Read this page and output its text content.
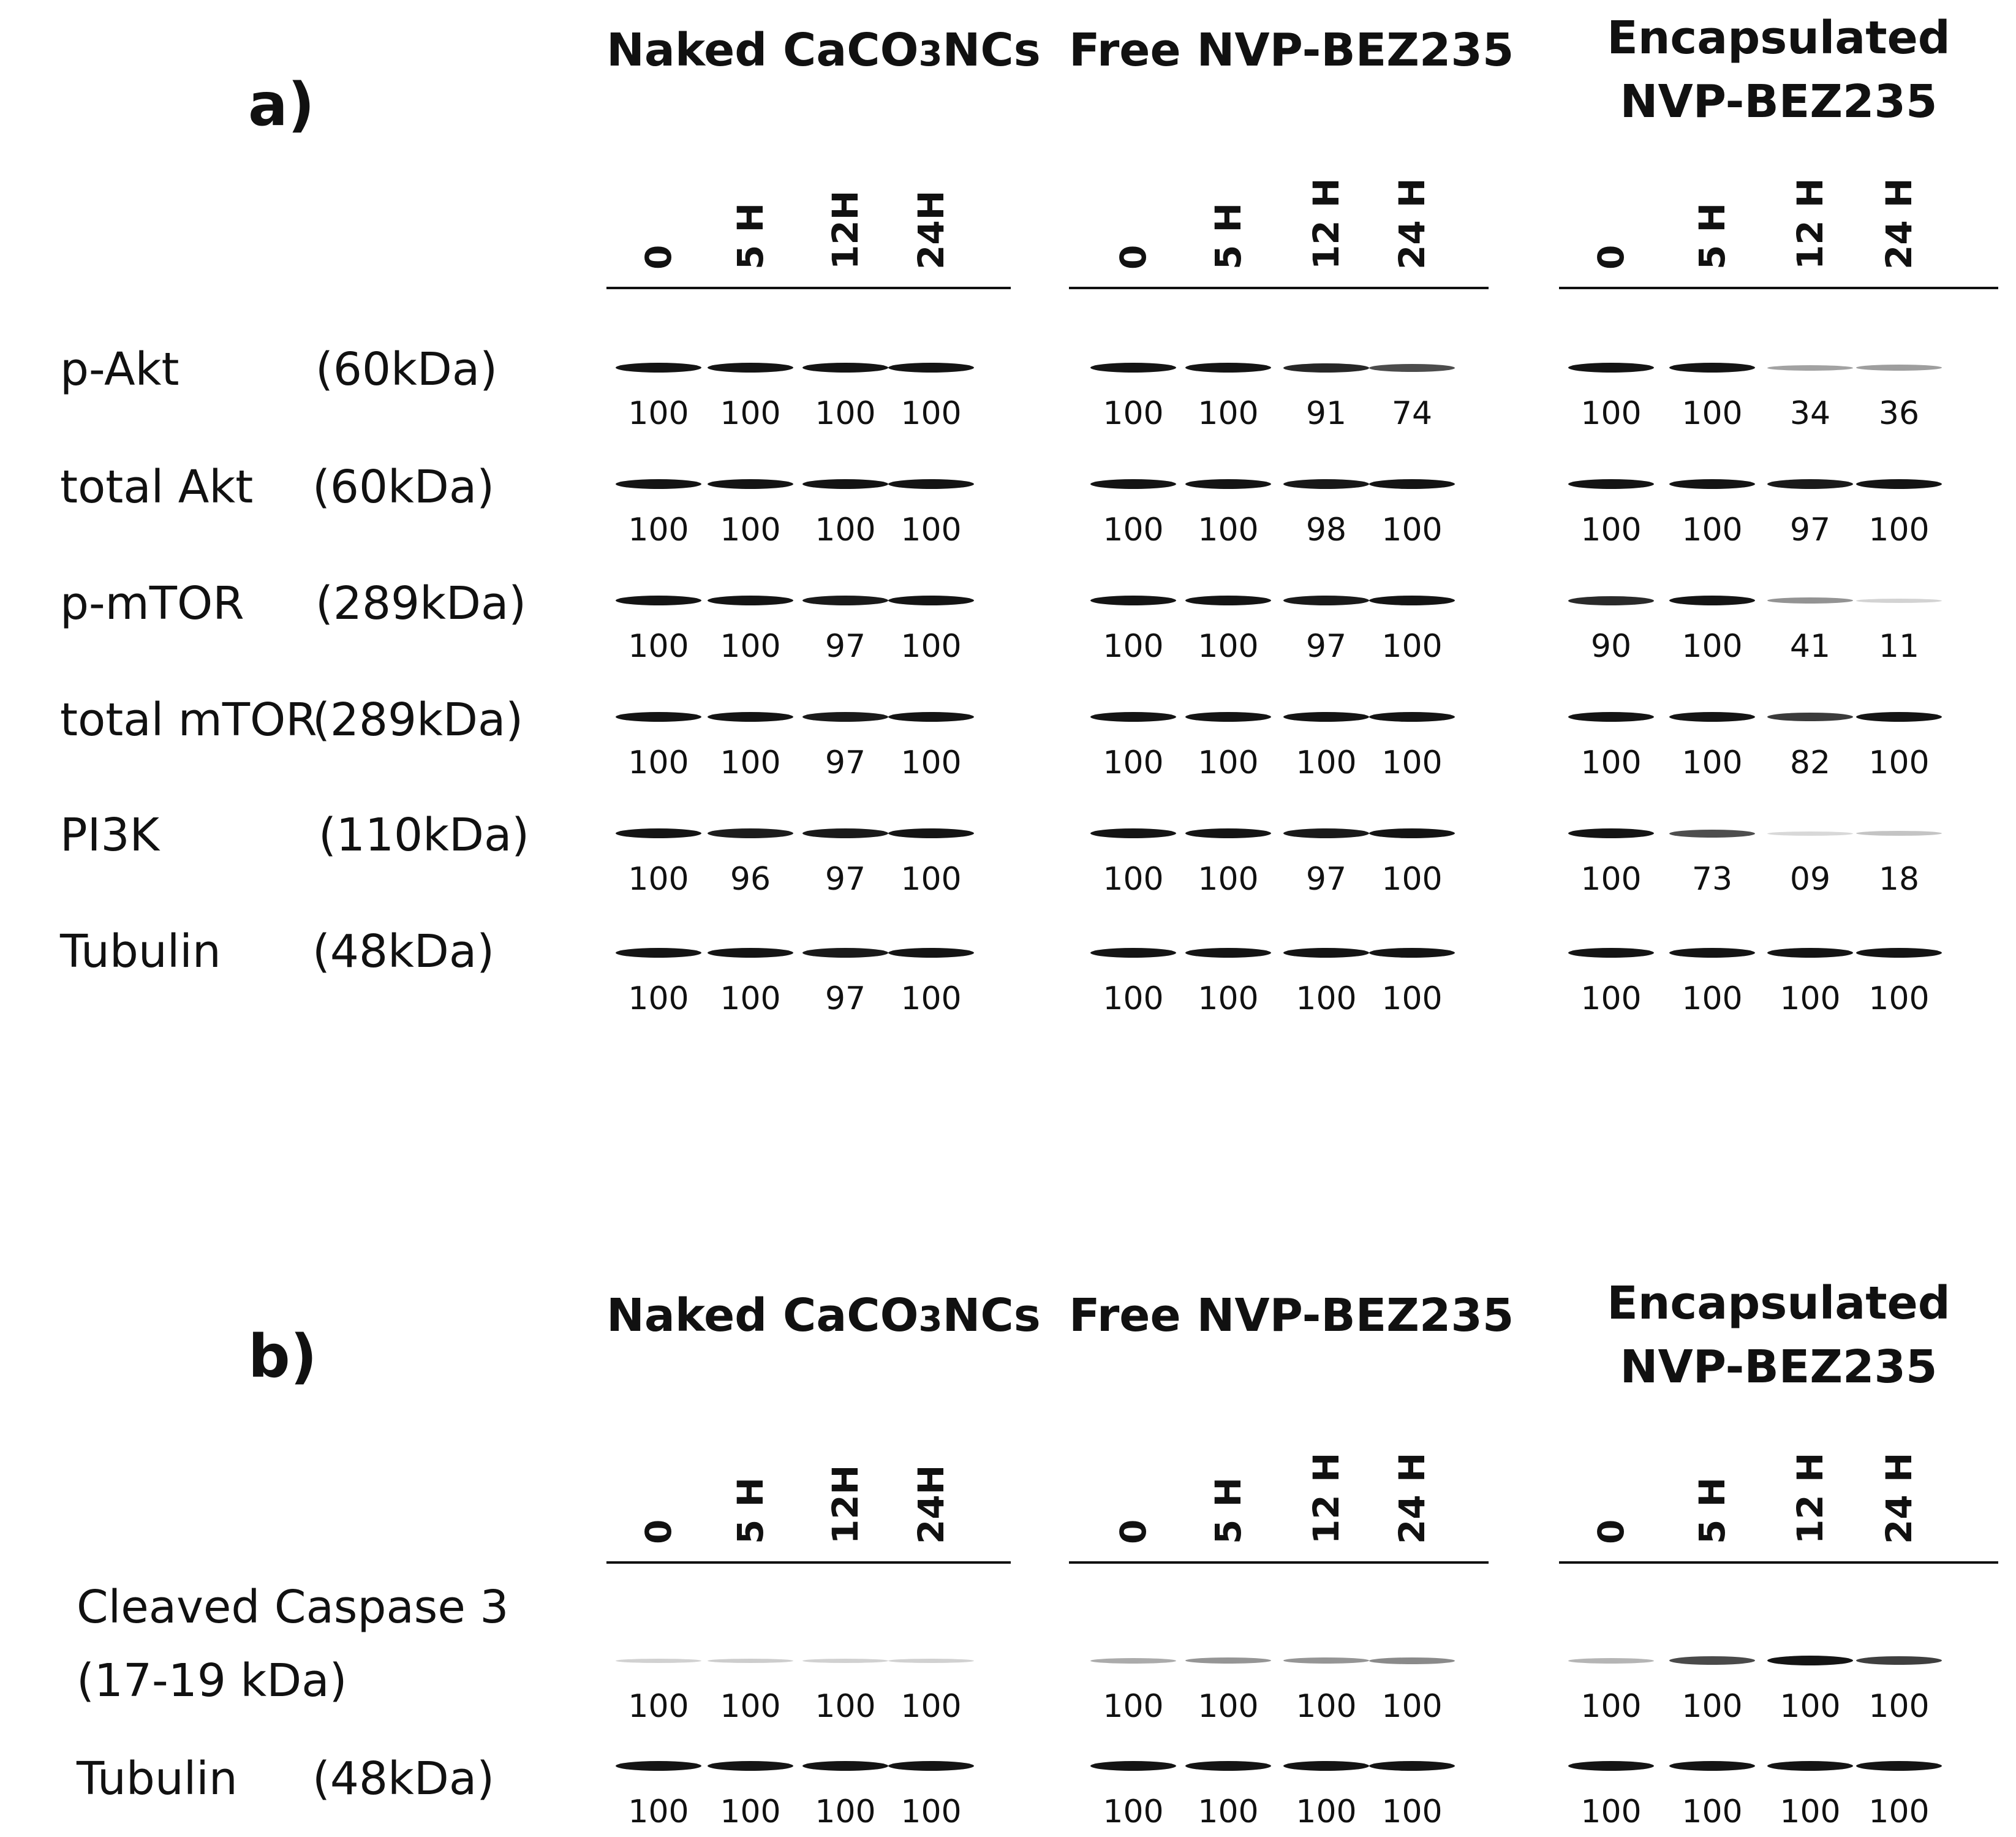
a)
Naked CaCO3NCs
0 5 H 12H 24H
Free NVP-BEZ235
0 5 H 12 H 24 H
Encapsulated
NVP-BEZ235
0 5 H 12 H 24 H
p-Akt	(60kDa)
100 100 100 100	100 100 91 74	100 100 34 36
total Akt (60kDa)
100 100 100 100	100 100 98 100	100 100 97 100
p-mTOR (289kDa)
100 100 97 100	100 100 97 100	90 100 41 11
total mTOR
(289kDa)
100 100 97 100	100 100 100 100	100 100 82 100
PI3K	(110kDa)
100 96 97 100	100 100 97 100	100 73 09 18
Tubulin (48kDa)
100 100 97 100	100 100 100 100	100 100 100 100
b)
Naked CaCO3NCs
0 5 H 12H 24H
Free NVP-BEZ235
0 5 H 12 H 24 H
Encapsulated
NVP-BEZ235
0 5 H 12 H 24 H
Cleaved Caspase 3
(17-19 kDa)	100 100 100 100	100 100 100 100	100 100 100 100
Tubulin (48kDa)
100 100 100 100	100 100 100 100	100 100 100 100
